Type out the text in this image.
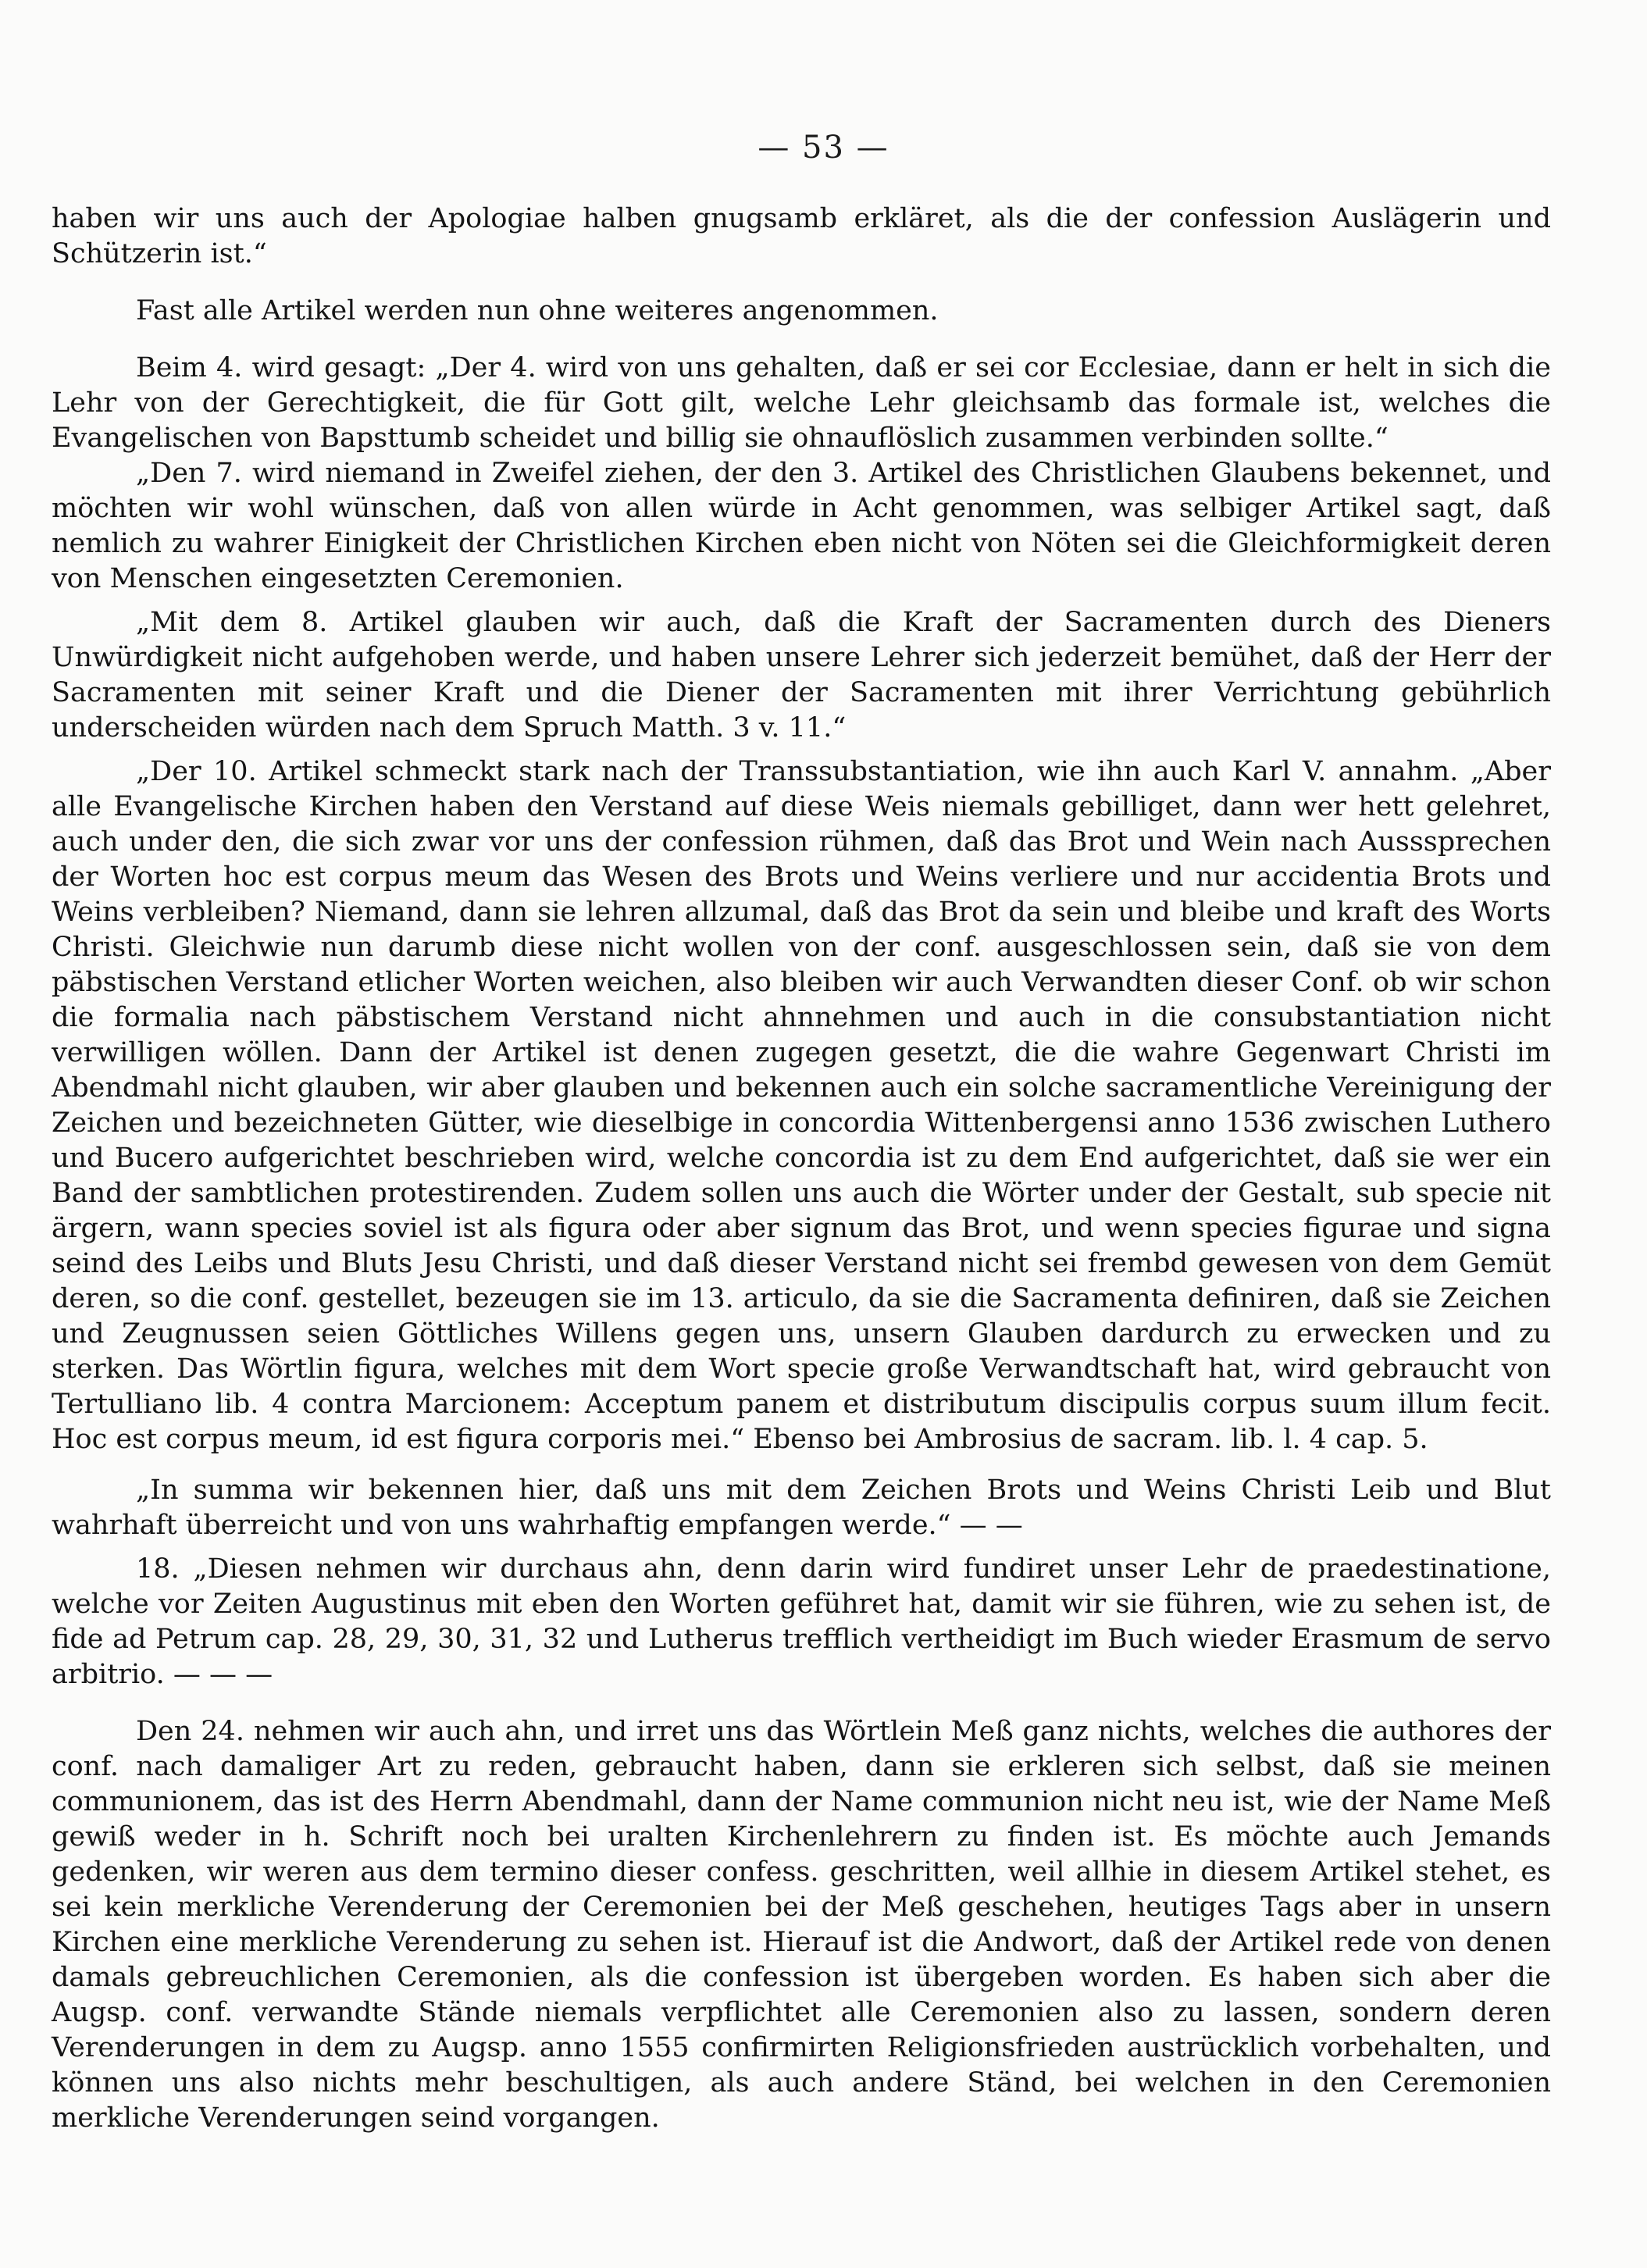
— 53 —

haben wir uns auch der Apologiae halben gnugsamb erkläret, als die der confession Auslägerin und Schützerin ist.“

Fast alle Artikel werden nun ohne weiteres angenommen.

Beim 4. wird gesagt: „Der 4. wird von uns gehalten, daß er sei cor Ecclesiae, dann er helt in sich die Lehr von der Gerechtigkeit, die für Gott gilt, welche Lehr gleichsamb das formale ist, welches die Evangelischen von Bapsttumb scheidet und billig sie ohnauflöslich zusammen verbinden sollte.“

„Den 7. wird niemand in Zweifel ziehen, der den 3. Artikel des Christlichen Glaubens bekennet, und möchten wir wohl wünschen, daß von allen würde in Acht genommen, was selbiger Artikel sagt, daß nemlich zu wahrer Einigkeit der Christlichen Kirchen eben nicht von Nöten sei die Gleichformigkeit deren von Menschen eingesetzten Ceremonien.

„Mit dem 8. Artikel glauben wir auch, daß die Kraft der Sacramenten durch des Dieners Unwürdigkeit nicht aufgehoben werde, und haben unsere Lehrer sich jederzeit bemühet, daß der Herr der Sacramenten mit seiner Kraft und die Diener der Sacramenten mit ihrer Verrichtung gebührlich underscheiden würden nach dem Spruch Matth. 3 v. 11.“

„Der 10. Artikel schmeckt stark nach der Transsubstantiation, wie ihn auch Karl V. annahm. „Aber alle Evangelische Kirchen haben den Verstand auf diese Weis niemals gebilliget, dann wer hett gelehret, auch under den, die sich zwar vor uns der confession rühmen, daß das Brot und Wein nach Ausssprechen der Worten hoc est corpus meum das Wesen des Brots und Weins verliere und nur accidentia Brots und Weins verbleiben? Niemand, dann sie lehren allzumal, daß das Brot da sein und bleibe und kraft des Worts Christi. Gleichwie nun darumb diese nicht wollen von der conf. ausgeschlossen sein, daß sie von dem päbstischen Verstand etlicher Worten weichen, also bleiben wir auch Verwandten dieser Conf. ob wir schon die formalia nach päbstischem Verstand nicht ahnnehmen und auch in die consubstantiation nicht verwilligen wöllen. Dann der Artikel ist denen zugegen gesetzt, die die wahre Gegenwart Christi im Abendmahl nicht glauben, wir aber glauben und bekennen auch ein solche sacramentliche Vereinigung der Zeichen und bezeichneten Gütter, wie dieselbige in concordia Wittenbergensi anno 1536 zwischen Luthero und Bucero aufgerichtet beschrieben wird, welche concordia ist zu dem End aufgerichtet, daß sie wer ein Band der sambtlichen protestirenden. Zudem sollen uns auch die Wörter under der Gestalt, sub specie nit ärgern, wann species soviel ist als figura oder aber signum das Brot, und wenn species figurae und signa seind des Leibs und Bluts Jesu Christi, und daß dieser Verstand nicht sei frembd gewesen von dem Gemüt deren, so die conf. gestellet, bezeugen sie im 13. articulo, da sie die Sacramenta definiren, daß sie Zeichen und Zeugnussen seien Göttliches Willens gegen uns, unsern Glauben dardurch zu erwecken und zu sterken. Das Wörtlin figura, welches mit dem Wort specie große Verwandtschaft hat, wird gebraucht von Tertulliano lib. 4 contra Marcionem: Acceptum panem et distributum discipulis corpus suum illum fecit. Hoc est corpus meum, id est figura corporis mei.“ Ebenso bei Ambrosius de sacram. lib. l. 4 cap. 5.

„In summa wir bekennen hier, daß uns mit dem Zeichen Brots und Weins Christi Leib und Blut wahrhaft überreicht und von uns wahrhaftig empfangen werde.“ — —

18. „Diesen nehmen wir durchaus ahn, denn darin wird fundiret unser Lehr de praedestinatione, welche vor Zeiten Augustinus mit eben den Worten geführet hat, damit wir sie führen, wie zu sehen ist, de fide ad Petrum cap. 28, 29, 30, 31, 32 und Lutherus trefflich vertheidigt im Buch wieder Erasmum de servo arbitrio. — — —

Den 24. nehmen wir auch ahn, und irret uns das Wörtlein Meß ganz nichts, welches die authores der conf. nach damaliger Art zu reden, gebraucht haben, dann sie erkleren sich selbst, daß sie meinen communionem, das ist des Herrn Abendmahl, dann der Name communion nicht neu ist, wie der Name Meß gewiß weder in h. Schrift noch bei uralten Kirchenlehrern zu finden ist. Es möchte auch Jemands gedenken, wir weren aus dem termino dieser confess. geschritten, weil allhie in diesem Artikel stehet, es sei kein merkliche Verenderung der Ceremonien bei der Meß geschehen, heutiges Tags aber in unsern Kirchen eine merkliche Verenderung zu sehen ist. Hierauf ist die Andwort, daß der Artikel rede von denen damals gebreuchlichen Ceremonien, als die confession ist übergeben worden. Es haben sich aber die Augsp. conf. verwandte Stände niemals verpflichtet alle Ceremonien also zu lassen, sondern deren Verenderungen in dem zu Augsp. anno 1555 confirmirten Religionsfrieden austrücklich vorbehalten, und können uns also nichts mehr beschultigen, als auch andere Ständ, bei welchen in den Ceremonien merkliche Verenderungen seind vorgangen.
